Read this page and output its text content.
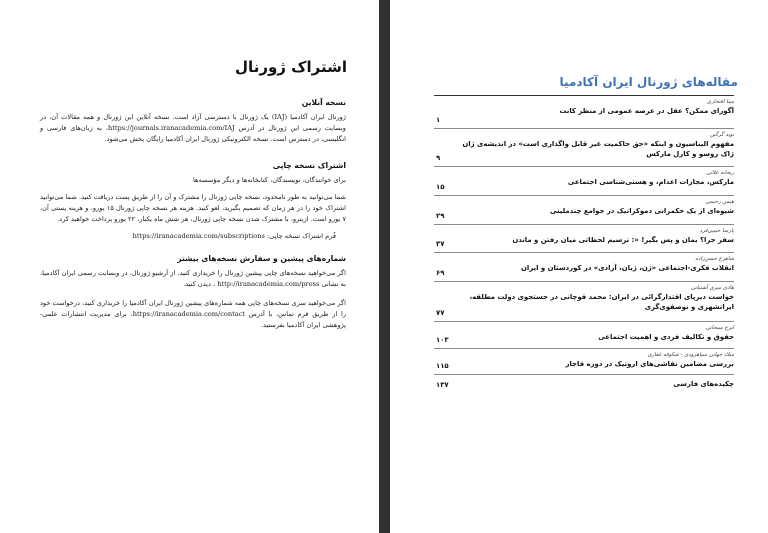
اشتراک ژورنال
نسخه آنلاین
ژورنال ایران آکادمیا (IAJ) یک ژورنال با دسترسی آزاد است. نسخه آنلاین این ژورنال و همه مقالات آن، در وبسایت رسمی این ژورنال در آدرس https://journals.iranacademia.com/IAJ، به زبان‌های فارسی و انگلیسی، در دسترس است. نسخه الکترونیکی ژورنال ایران آکادمیا رایگان پخش می‌شود.
اشتراک نسخه چاپی
برای خوانندگان، نویسندگان، کتابخانه‌ها و دیگر مؤسسه‌ها
شما می‌توانید به طور نامحدود، نسخه چاپی ژورنال را مشترک و آن را از طریق پست دریافت کنید. شما می‌توانید اشتراک خود را در هر زمان که تصمیم بگیرید، لغو کنید. هزینه هر نسخه چاپی ژورنال ۱۵ یورو، و هزینه پستی آن، ۷ یورو است. ازینرو، با مشترک شدن نسخه چاپی ژورنال، هر شش ماه یکبار، ۲۲ یورو پرداخت خواهید کرد.
فُرم اشتراک نسخه چاپی: https://iranacademia.com/subscriptions
شماره‌های پیشین و سفارش نسخه‌های بیشتر
اگر می‌خواهید نسخه‌های چاپی پیشین ژورنال را خریداری کنید، از آرشیو ژورنال، در وبسایت رسمی ایران آکادمیا، به نشانی http://iranacademia.com/press ، دیدن کنید.
اگر می‌خواهید سری نسخه‌های چاپی همه شماره‌های پیشین ژورنال ایران آکادمیا را خریداری کنید، درخواست خود را از طریق فرم تماس، با آدرس https://iranacademia.com/contact، برای مدیریت انتشارات علمی-پژوهشی ایران آکادمیا بفرستید.
مقاله‌های ژورنال ایران آکادمیا
مینا افتخاری
آگورای ممکن؟ عقل در عرصه عمومی از منظر کانت
۱
نوید گرگین
مفهوم الیناسیون و اینکه «حق حاکمیت غیر قابل واگذاری است» در اندیشه‌ی ژان ژاک روسو و کارل مارکس
۹
ریحانه علائی
مارکس، مجازات اعدام، و هستی‌شناسی اجتماعی
۱۵
هیمن رحیمی
شیوه‌ای از یک حکمرانی دموکراتیک در جوامع چندملیتی
۲۹
پارسا حبیبی‌فرد
سفر جرا؟ بمان و پس بگیر! «: ترسیم لحظاتی میان رفتن و ماندن
۳۷
شاهرخ حسن‌زاده
انقلاب فکری-اجتماعی «ژن، ژیان، آزادی» در کوردستان و ایران
۶۹
هادی میری آشتیانی
خواست دیرپای اقتدارگرائی در ایران: محمد قوچانی در جستجوی دولت مطلقه، ایرانشهری و نوصفوی‌گری
۷۷
ایرج سبحانی
حقوق و تکالیف فردی و اهمیت اجتماعی
۱۰۳
میلاد جهانی سیاهرودی - شکوفه غفاری
بررسی مضامین نقاشی‌های اروتیک در دوره قاجار
۱۱۵
چکیده‌های فارسی
۱۳۷
